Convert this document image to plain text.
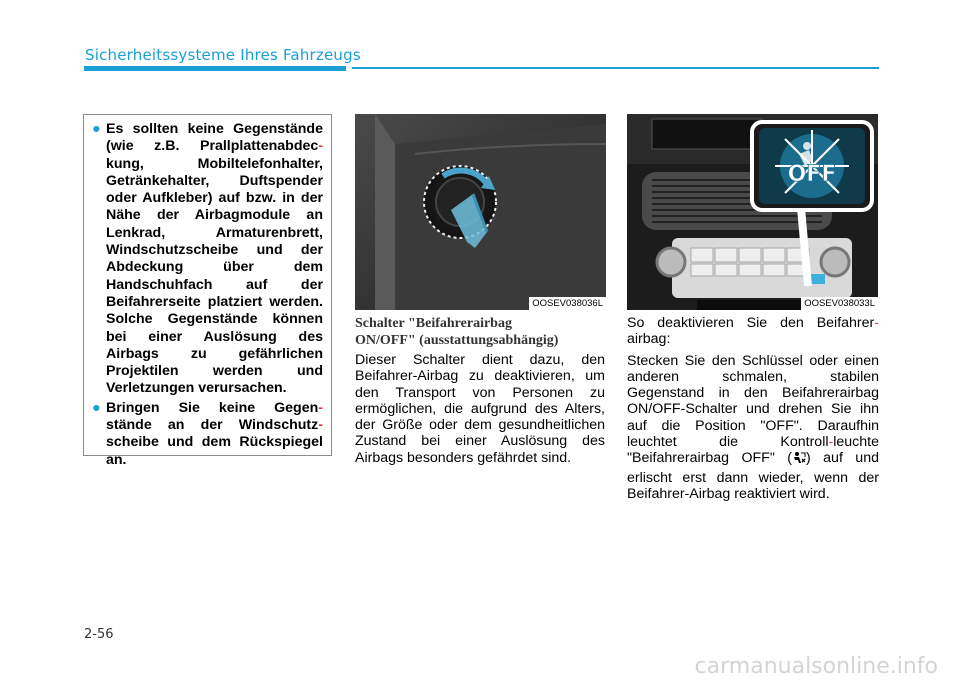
Sicherheitssysteme Ihres Fahrzeugs
● Es sollten keine Gegenstände (wie z.B. Prallplattenabdec-kung, Mobiltelefonhalter, Getränkehalter, Duftspender oder Aufkleber) auf bzw. in der Nähe der Airbagmodule an Lenkrad, Armaturenbrett, Windschutzscheibe und der Abdeckung über dem Handschuhfach auf der Beifahrerseite platziert werden. Solche Gegenstände können bei einer Auslösung des Airbags zu gefährlichen Projektilen werden und Verletzungen verursachen.
● Bringen Sie keine Gegen-stände an der Windschutz-scheibe und dem Rückspiegel an.
OOSEV038036L
OFF
OOSEV038033L
Schalter "Beifahrerairbag
ON/OFF" (ausstattungsabhängig)
Dieser Schalter dient dazu, den Beifahrer-Airbag zu deaktivieren, um den Transport von Personen zu ermöglichen, die aufgrund des Alters, der Größe oder dem gesundheitlichen Zustand bei einer Auslösung des Airbags besonders gefährdet sind.

So deaktivieren Sie den Beifahrer-airbag:

Stecken Sie den Schlüssel oder einen anderen schmalen, stabilen Gegenstand in den Beifahrerairbag ON/OFF-Schalter und drehen Sie ihn auf die Position "OFF". Daraufhin leuchtet die Kontroll-leuchte "Beifahrerairbag OFF" ( ) auf und erlischt erst dann wieder, wenn der Beifahrer-Airbag reaktiviert wird.

2-56
carmanualsonline.info
